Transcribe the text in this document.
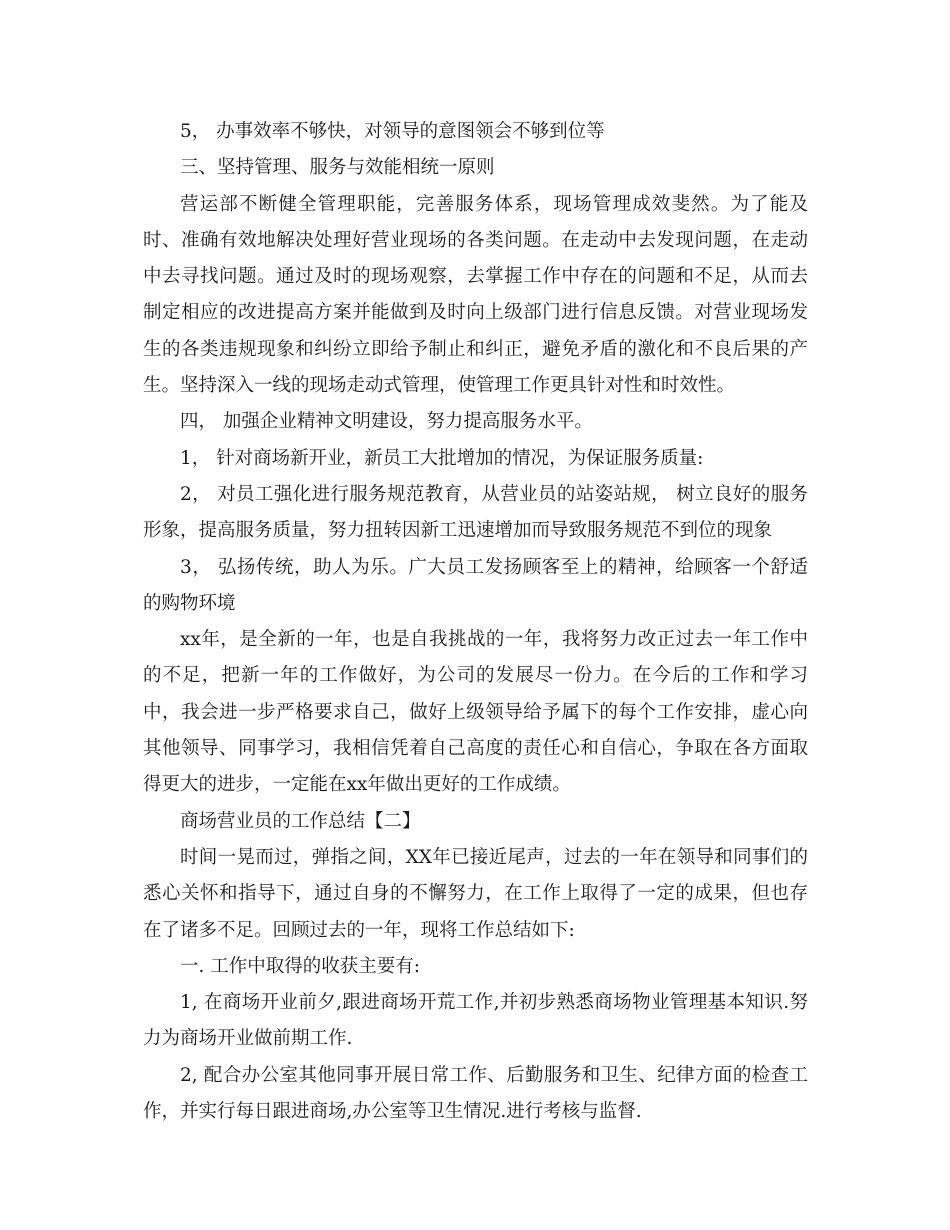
5， 办事效率不够快，对领导的意图领会不够到位等

三、坚持管理、服务与效能相统一原则

营运部不断健全管理职能，完善服务体系，现场管理成效斐然。为了能及时、准确有效地解决处理好营业现场的各类问题。在走动中去发现问题，在走动中去寻找问题。通过及时的现场观察，去掌握工作中存在的问题和不足，从而去制定相应的改进提高方案并能做到及时向上级部门进行信息反馈。对营业现场发生的各类违规现象和纠纷立即给予制止和纠正，避免矛盾的激化和不良后果的产生。坚持深入一线的现场走动式管理，使管理工作更具针对性和时效性。

四， 加强企业精神文明建设，努力提高服务水平。

1， 针对商场新开业，新员工大批增加的情况，为保证服务质量:

2， 对员工强化进行服务规范教育，从营业员的站姿站规， 树立良好的服务形象，提高服务质量，努力扭转因新工迅速增加而导致服务规范不到位的现象

3， 弘扬传统，助人为乐。广大员工发扬顾客至上的精神，给顾客一个舒适的购物环境

xx年，是全新的一年，也是自我挑战的一年，我将努力改正过去一年工作中的不足，把新一年的工作做好，为公司的发展尽一份力。在今后的工作和学习中，我会进一步严格要求自己，做好上级领导给予属下的每个工作安排，虚心向其他领导、同事学习，我相信凭着自己高度的责任心和自信心，争取在各方面取得更大的进步，一定能在xx年做出更好的工作成绩。

商场营业员的工作总结【二】

时间一晃而过，弹指之间，XX年已接近尾声，过去的一年在领导和同事们的悉心关怀和指导下，通过自身的不懈努力，在工作上取得了一定的成果，但也存在了诸多不足。回顾过去的一年，现将工作总结如下:

一. 工作中取得的收获主要有:

1, 在商场开业前夕,跟进商场开荒工作,并初步熟悉商场物业管理基本知识.努力为商场开业做前期工作.

2, 配合办公室其他同事开展日常工作、后勤服务和卫生、纪律方面的检查工作，并实行每日跟进商场,办公室等卫生情况.进行考核与监督.
